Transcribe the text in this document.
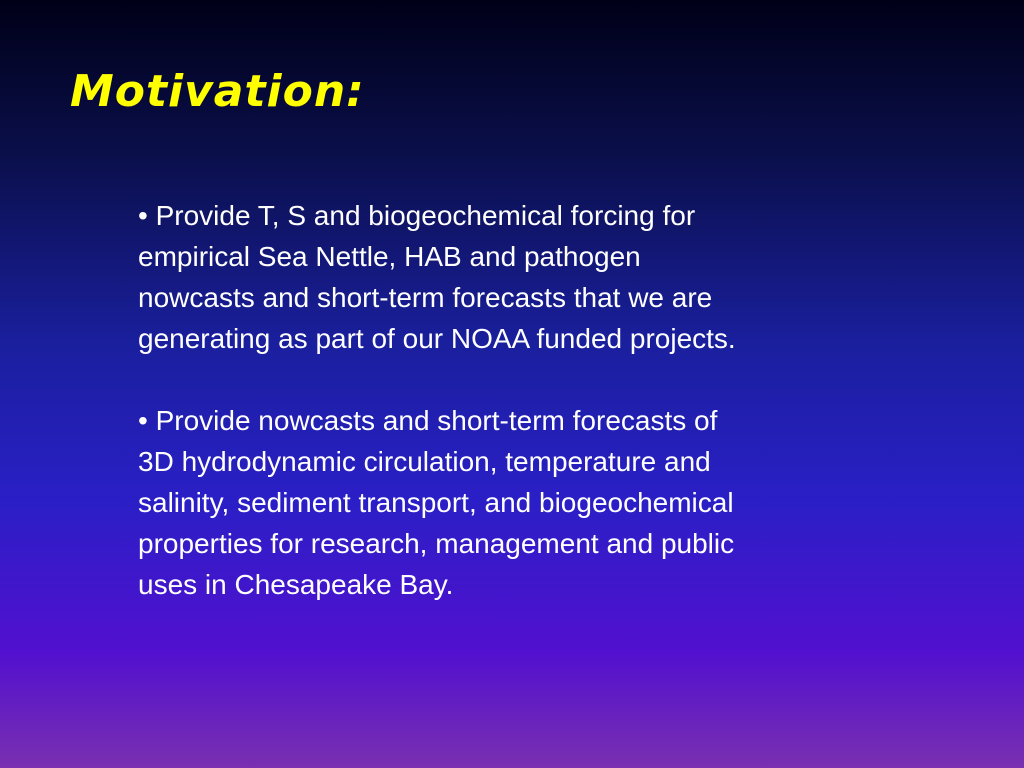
Motivation:

• Provide T, S and biogeochemical forcing for
empirical Sea Nettle, HAB and pathogen
nowcasts and short-term forecasts that we are
generating as part of our NOAA funded projects.

• Provide nowcasts and short-term forecasts of
3D hydrodynamic circulation, temperature and
salinity, sediment transport, and biogeochemical
properties for research, management and public
uses in Chesapeake Bay.
